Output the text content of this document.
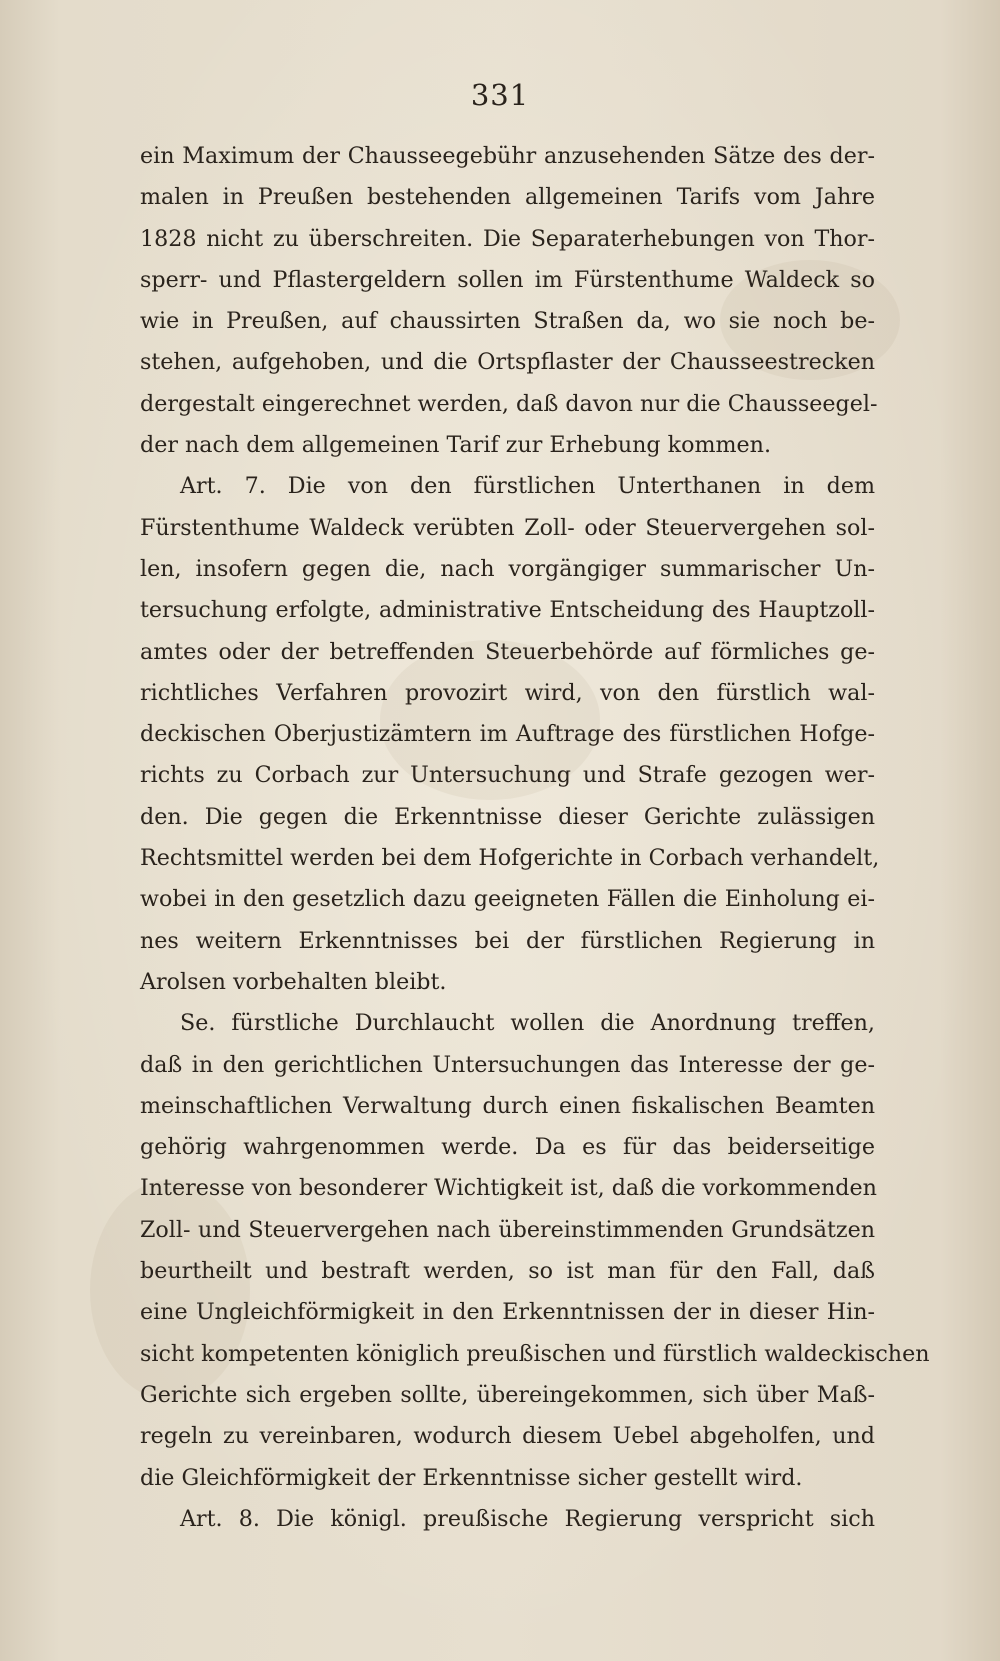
331
ein Maximum der Chausseegebühr anzusehenden Sätze des der-
malen in Preußen bestehenden allgemeinen Tarifs vom Jahre
1828 nicht zu überschreiten. Die Separaterhebungen von Thor-
sperr- und Pflastergeldern sollen im Fürstenthume Waldeck so
wie in Preußen, auf chaussirten Straßen da, wo sie noch be-
stehen, aufgehoben, und die Ortspflaster der Chausseestrecken
dergestalt eingerechnet werden, daß davon nur die Chausseegel-
der nach dem allgemeinen Tarif zur Erhebung kommen.
Art. 7. Die von den fürstlichen Unterthanen in dem
Fürstenthume Waldeck verübten Zoll- oder Steuervergehen sol-
len, insofern gegen die, nach vorgängiger summarischer Un-
tersuchung erfolgte, administrative Entscheidung des Hauptzoll-
amtes oder der betreffenden Steuerbehörde auf förmliches ge-
richtliches Verfahren provozirt wird, von den fürstlich wal-
deckischen Oberjustizämtern im Auftrage des fürstlichen Hofge-
richts zu Corbach zur Untersuchung und Strafe gezogen wer-
den. Die gegen die Erkenntnisse dieser Gerichte zulässigen
Rechtsmittel werden bei dem Hofgerichte in Corbach verhandelt,
wobei in den gesetzlich dazu geeigneten Fällen die Einholung ei-
nes weitern Erkenntnisses bei der fürstlichen Regierung in
Arolsen vorbehalten bleibt.
Se. fürstliche Durchlaucht wollen die Anordnung treffen,
daß in den gerichtlichen Untersuchungen das Interesse der ge-
meinschaftlichen Verwaltung durch einen fiskalischen Beamten
gehörig wahrgenommen werde. Da es für das beiderseitige
Interesse von besonderer Wichtigkeit ist, daß die vorkommenden
Zoll- und Steuervergehen nach übereinstimmenden Grundsätzen
beurtheilt und bestraft werden, so ist man für den Fall, daß
eine Ungleichförmigkeit in den Erkenntnissen der in dieser Hin-
sicht kompetenten königlich preußischen und fürstlich waldeckischen
Gerichte sich ergeben sollte, übereingekommen, sich über Maß-
regeln zu vereinbaren, wodurch diesem Uebel abgeholfen, und
die Gleichförmigkeit der Erkenntnisse sicher gestellt wird.
Art. 8. Die königl. preußische Regierung verspricht sich
